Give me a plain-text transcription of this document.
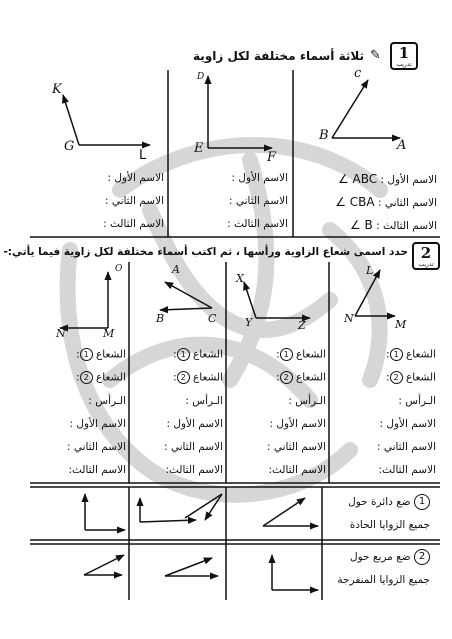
1
تدريب
✎
ثلاثة أسماء مختلفة لكل زاوية
B
c
A
E
D
F
G
K
L
الاسم الأول : ABC ∠
الاسم الثاني : CBA ∠
الاسم الثالث : B ∠
الاسم الأول :
الاسم الثاني :
الاسم الثالث :
الاسم الأول :
الاسم الثاني :
الاسم الثالث :
2
تدريب
حدد اسمى شعاع الزاوية ورأسها ، ثم اكتب أسماء مختلفة لكل زاوية فيما يأتي:-
L
N	M
X
Y	Z
A
B	C
O
N	M
الشعاع 1:
الشعاع 2:
الـرأس :
الاسم الأول :
الاسم الثاني :
الاسم الثالث:
الشعاع 1:
الشعاع 2:
الـرأس :
الاسم الأول :
الاسم الثاني :
الاسم الثالث:
الشعاع 1:
الشعاع 2:
الـرأس :
الاسم الأول :
الاسم الثاني :
الاسم الثالث:
الشعاع 1:
الشعاع 2:
الـرأس :
الاسم الأول :
الاسم الثاني :
الاسم الثالث:
1 ضع دائرة حول
جميع الزوايا الحادة
2 ضع مربع حول
جميع الزوايا المنفرجة
